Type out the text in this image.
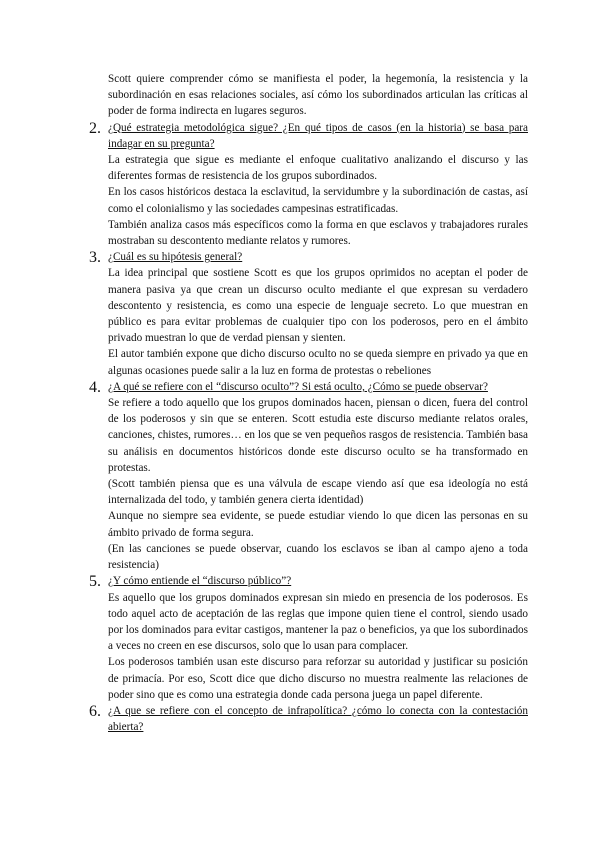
Scott quiere comprender cómo se manifiesta el poder, la hegemonía, la resistencia y la subordinación en esas relaciones sociales, así cómo los subordinados articulan las críticas al poder de forma indirecta en lugares seguros.

2. ¿Qué estrategia metodológica sigue? ¿En qué tipos de casos (en la historia) se basa para indagar en su pregunta?

La estrategia que sigue es mediante el enfoque cualitativo analizando el discurso y las diferentes formas de resistencia de los grupos subordinados.

En los casos históricos destaca la esclavitud, la servidumbre y la subordinación de castas, así como el colonialismo y las sociedades campesinas estratificadas.

También analiza casos más específicos como la forma en que esclavos y trabajadores rurales mostraban su descontento mediante relatos y rumores.

3. ¿Cuál es su hipótesis general?

La idea principal que sostiene Scott es que los grupos oprimidos no aceptan el poder de manera pasiva ya que crean un discurso oculto mediante el que expresan su verdadero descontento y resistencia, es como una especie de lenguaje secreto. Lo que muestran en público es para evitar problemas de cualquier tipo con los poderosos, pero en el ámbito privado muestran lo que de verdad piensan y sienten.

El autor también expone que dicho discurso oculto no se queda siempre en privado ya que en algunas ocasiones puede salir a la luz en forma de protestas o rebeliones

4. ¿A qué se refiere con el “discurso oculto”? Si está oculto, ¿Cómo se puede observar?

Se refiere a todo aquello que los grupos dominados hacen, piensan o dicen, fuera del control de los poderosos y sin que se enteren. Scott estudia este discurso mediante relatos orales, canciones, chistes, rumores… en los que se ven pequeños rasgos de resistencia. También basa su análisis en documentos históricos donde este discurso oculto se ha transformado en protestas.

(Scott también piensa que es una válvula de escape viendo así que esa ideología no está internalizada del todo, y también genera cierta identidad)

Aunque no siempre sea evidente, se puede estudiar viendo lo que dicen las personas en su ámbito privado de forma segura.

(En las canciones se puede observar, cuando los esclavos se iban al campo ajeno a toda resistencia)

5. ¿Y cómo entiende el “discurso público”?

Es aquello que los grupos dominados expresan sin miedo en presencia de los poderosos. Es todo aquel acto de aceptación de las reglas que impone quien tiene el control, siendo usado por los dominados para evitar castigos, mantener la paz o beneficios, ya que los subordinados a veces no creen en ese discursos, solo que lo usan para complacer.

Los poderosos también usan este discurso para reforzar su autoridad y justificar su posición de primacía. Por eso, Scott dice que dicho discurso no muestra realmente las relaciones de poder sino que es como una estrategia donde cada persona juega un papel diferente.

6. ¿A que se refiere con el concepto de infrapolítica? ¿cómo lo conecta con la contestación abierta?
